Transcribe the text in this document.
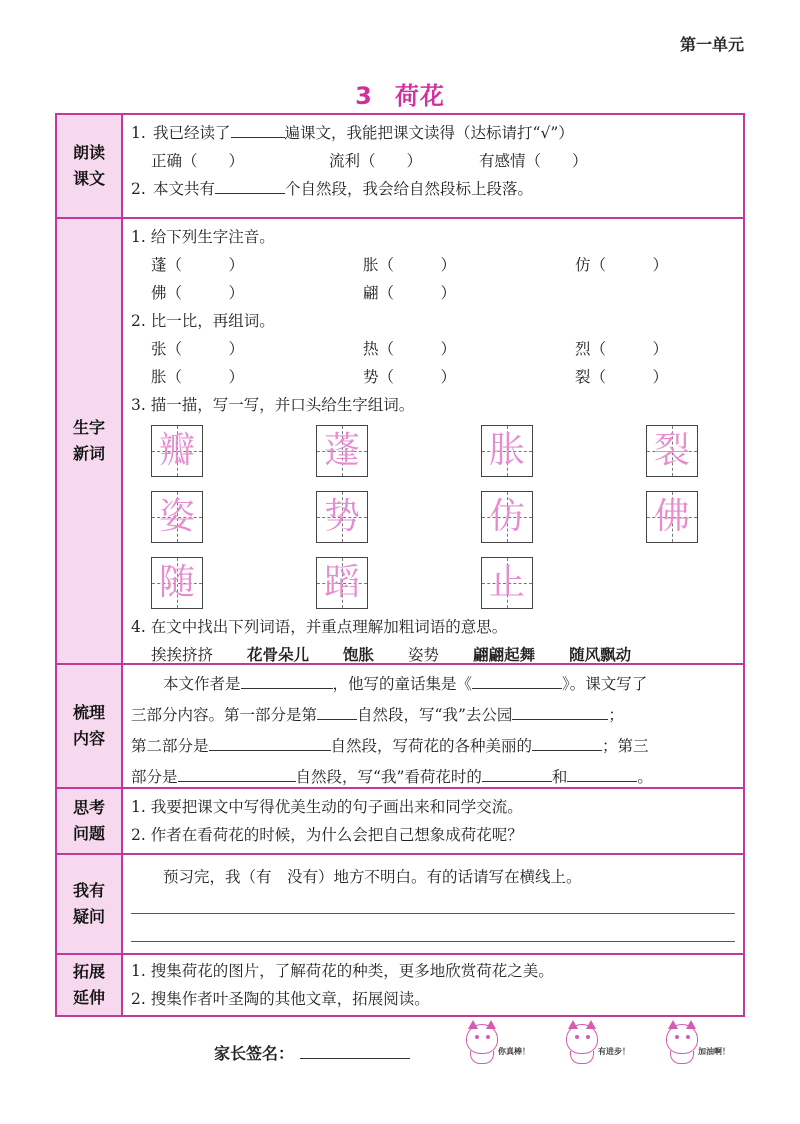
第一单元
3 荷花
朗读
课文
1. 我已经读了	遍课文，我能把课文读得（达标请打“√”）
正确（　　）	流利（　　）	有感情（　　）
2. 本文共有	个自然段，我会给自然段标上段落。
生字
新词
1. 给下列生字注音。
蓬（　　　）	胀（　　　）	仿（　　　）
佛（　　　）	翩（　　　）
2. 比一比，再组词。
张（　　　）	热（　　　）	烈（　　　）
胀（　　　）	势（　　　）	裂（　　　）
3. 描一描，写一写，并口头给生字组词。
瓣	蓬	胀	裂
姿	势	仿	佛
随	蹈	止
4. 在文中找出下列词语，并重点理解加粗词语的意思。
挨挨挤挤 花骨朵儿 饱胀 姿势 翩翩起舞 随风飘动
梳理
内容
本文作者是	，他写的童话集是《	》。课文写了
三部分内容。第一部分是第	自然段，写“我”去公园	；
第二部分是	自然段，写荷花的各种美丽的	；第三
部分是	自然段，写“我”看荷花时的	和	。
思考
问题
1. 我要把课文中写得优美生动的句子画出来和同学交流。
2. 作者在看荷花的时候，为什么会把自己想象成荷花呢？
我有
疑问
预习完，我（有　没有）地方不明白。有的话请写在横线上。
拓展
延伸
1. 搜集荷花的图片，了解荷花的种类，更多地欣赏荷花之美。
2. 搜集作者叶圣陶的其他文章，拓展阅读。
家长签名：	你真棒！	有进步！	加油啊！
